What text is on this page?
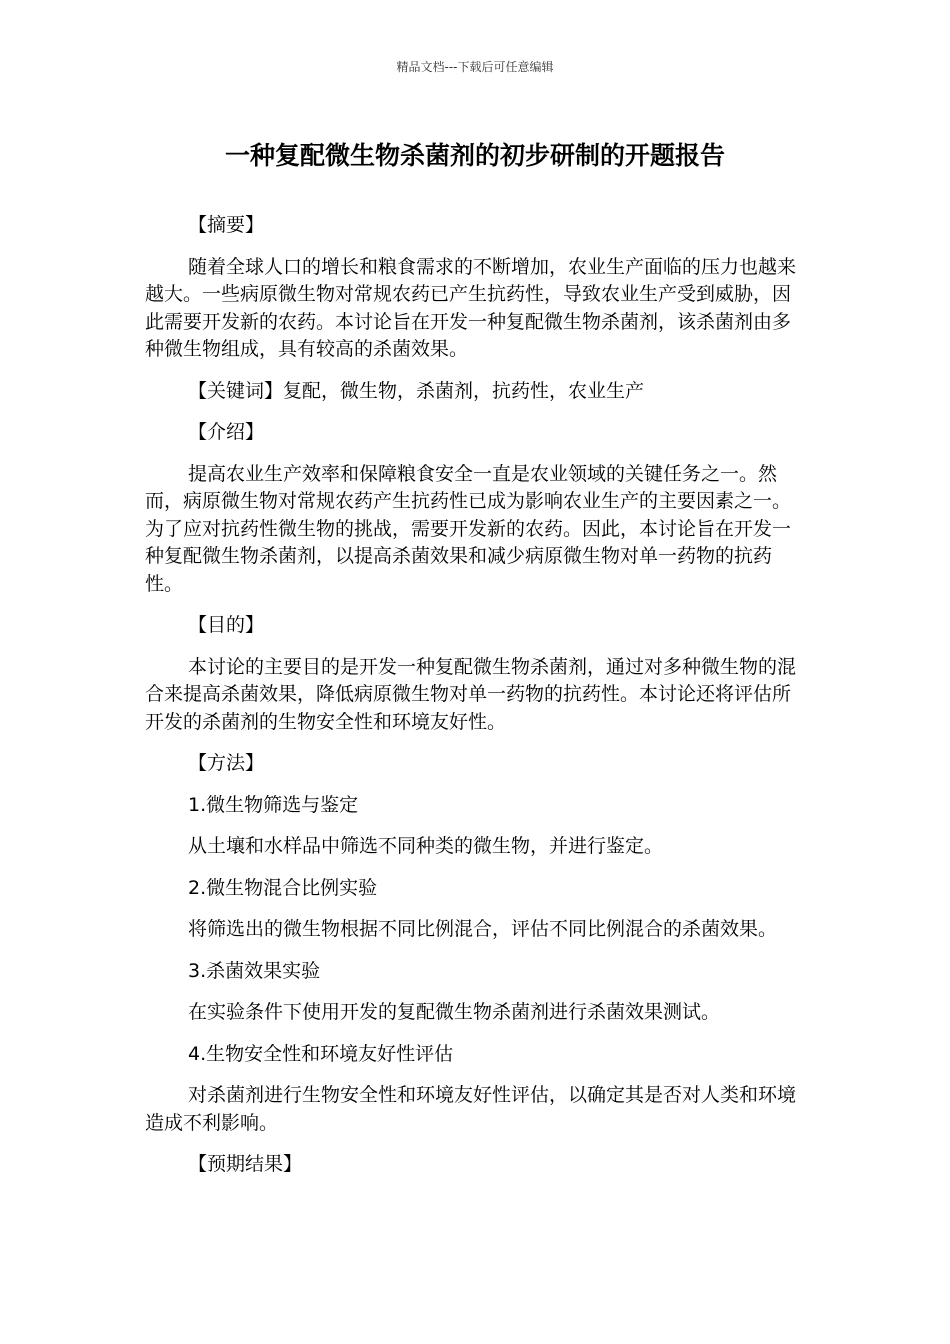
精品文档---下载后可任意编辑
一种复配微生物杀菌剂的初步研制的开题报告

【摘要】

随着全球人口的增长和粮食需求的不断增加，农业生产面临的压力也越来越大。一些病原微生物对常规农药已产生抗药性，导致农业生产受到威胁，因此需要开发新的农药。本讨论旨在开发一种复配微生物杀菌剂，该杀菌剂由多种微生物组成，具有较高的杀菌效果。

【关键词】复配，微生物，杀菌剂，抗药性，农业生产

【介绍】

提高农业生产效率和保障粮食安全一直是农业领域的关键任务之一。然而，病原微生物对常规农药产生抗药性已成为影响农业生产的主要因素之一。为了应对抗药性微生物的挑战，需要开发新的农药。因此，本讨论旨在开发一种复配微生物杀菌剂，以提高杀菌效果和减少病原微生物对单一药物的抗药性。

【目的】

本讨论的主要目的是开发一种复配微生物杀菌剂，通过对多种微生物的混合来提高杀菌效果，降低病原微生物对单一药物的抗药性。本讨论还将评估所开发的杀菌剂的生物安全性和环境友好性。

【方法】

1.微生物筛选与鉴定

从土壤和水样品中筛选不同种类的微生物，并进行鉴定。

2.微生物混合比例实验

将筛选出的微生物根据不同比例混合，评估不同比例混合的杀菌效果。

3.杀菌效果实验

在实验条件下使用开发的复配微生物杀菌剂进行杀菌效果测试。

4.生物安全性和环境友好性评估

对杀菌剂进行生物安全性和环境友好性评估，以确定其是否对人类和环境造成不利影响。

【预期结果】
